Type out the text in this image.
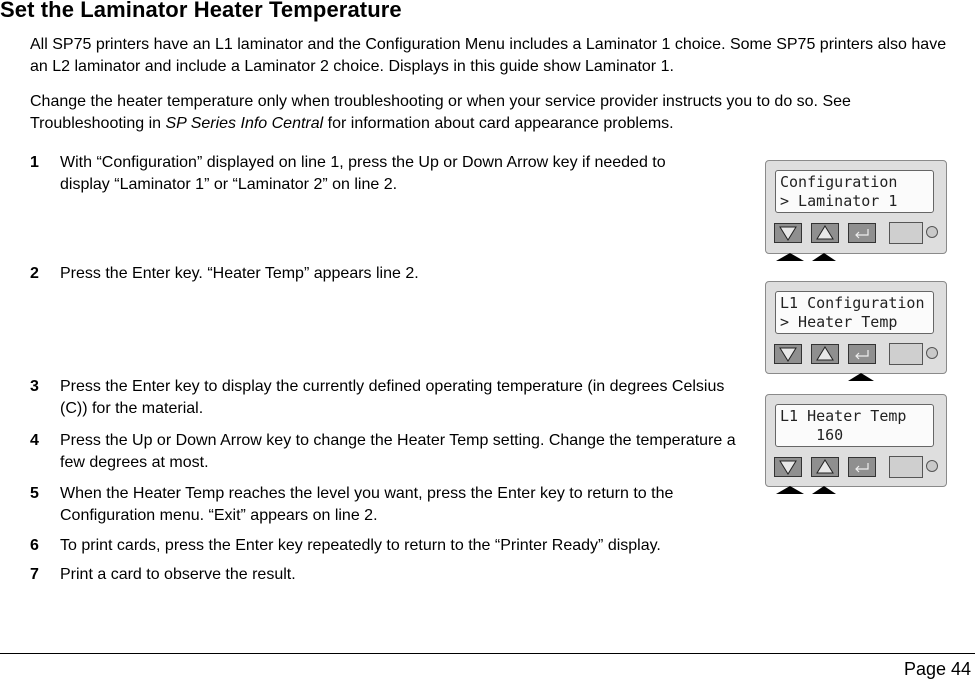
Set the Laminator Heater Temperature
All SP75 printers have an L1 laminator and the Configuration Menu includes a Laminator 1 choice. Some SP75 printers also have an L2 laminator and include a Laminator 2 choice. Displays in this guide show Laminator 1.
Change the heater temperature only when troubleshooting or when your service provider instructs you to do so. See Troubleshooting in SP Series Info Central for information about card appearance problems.
1 With “Configuration” displayed on line 1, press the Up or Down Arrow key if needed to display “Laminator 1” or “Laminator 2” on line 2.
2 Press the Enter key. “Heater Temp” appears line 2.
3 Press the Enter key to display the currently defined operating temperature (in degrees Celsius (C)) for the material.
4 Press the Up or Down Arrow key to change the Heater Temp setting. Change the temperature a few degrees at most.
5 When the Heater Temp reaches the level you want, press the Enter key to return to the Configuration menu. “Exit” appears on line 2.
6 To print cards, press the Enter key repeatedly to return to the “Printer Ready” display.
7 Print a card to observe the result.
Configuration
> Laminator 1
L1 Configuration
> Heater Temp
L1 Heater Temp
160
Page 44
